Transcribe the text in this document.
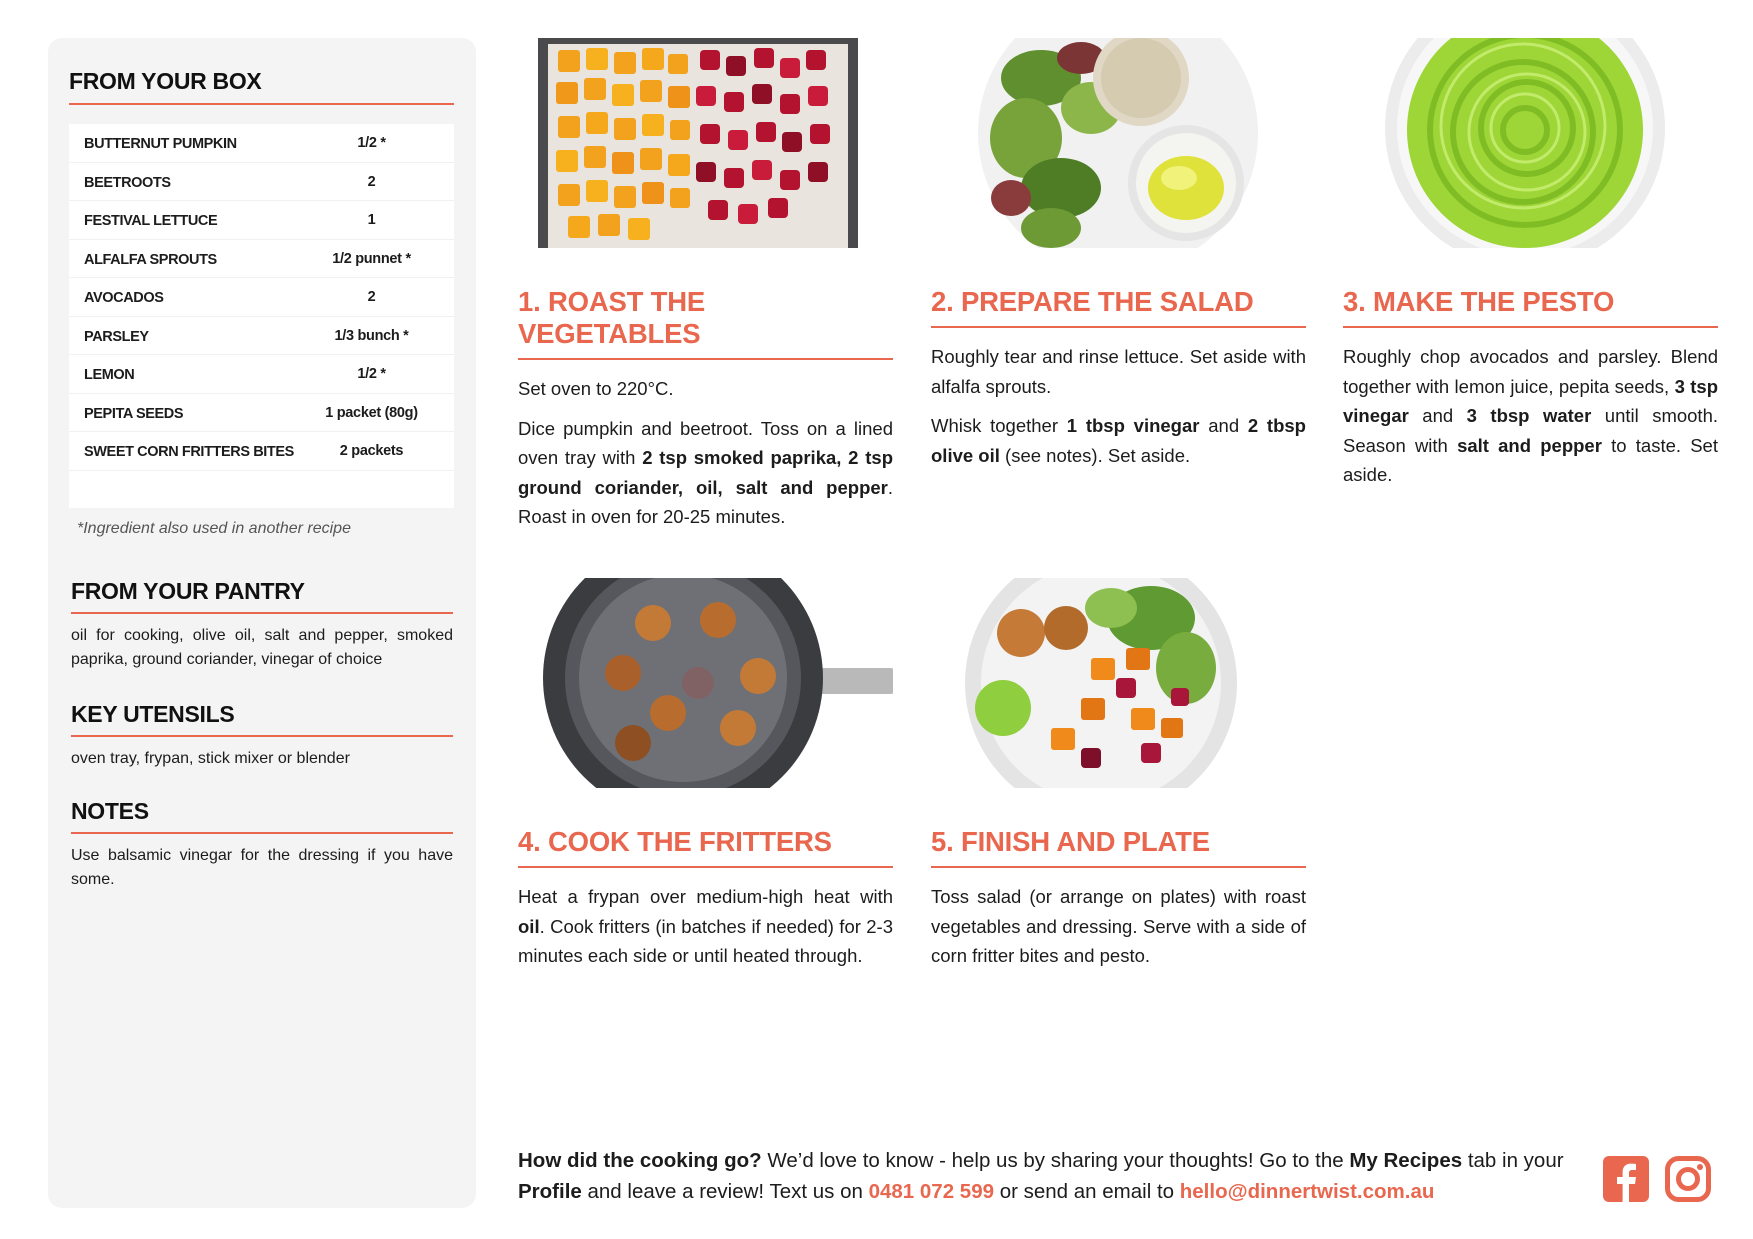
FROM YOUR BOX
BUTTERNUT PUMPKIN	1/2 *
BEETROOTS	2
FESTIVAL LETTUCE	1
ALFALFA SPROUTS	1/2 punnet *
AVOCADOS	2
PARSLEY	1/3 bunch *
LEMON	1/2 *
PEPITA SEEDS	1 packet (80g)
SWEET CORN FRITTERS BITES	2 packets
*Ingredient also used in another recipe
FROM YOUR PANTRY

oil for cooking, olive oil, salt and pepper, smoked paprika, ground coriander, vinegar of choice

KEY UTENSILS

oven tray, frypan, stick mixer or blender

NOTES

Use balsamic vinegar for the dressing if you have some.

1. ROAST THE VEGETABLES

Set oven to 220°C.

Dice pumpkin and beetroot. Toss on a lined oven tray with 2 tsp smoked paprika, 2 tsp ground coriander, oil, salt and pepper. Roast in oven for 20-25 minutes.

2. PREPARE THE SALAD

Roughly tear and rinse lettuce. Set aside with alfalfa sprouts.

Whisk together 1 tbsp vinegar and 2 tbsp olive oil (see notes). Set aside.

3. MAKE THE PESTO

Roughly chop avocados and parsley. Blend together with lemon juice, pepita seeds, 3 tsp vinegar and 3 tbsp water until smooth. Season with salt and pepper to taste. Set aside.

4. COOK THE FRITTERS

Heat a frypan over medium-high heat with oil. Cook fritters (in batches if needed) for 2-3 minutes each side or until heated through.

5. FINISH AND PLATE

Toss salad (or arrange on plates) with roast vegetables and dressing. Serve with a side of corn fritter bites and pesto.

How did the cooking go? We’d love to know - help us by sharing your thoughts! Go to the My Recipes tab in your Profile and leave a review! Text us on 0481 072 599 or send an email to hello@dinnertwist.com.au
